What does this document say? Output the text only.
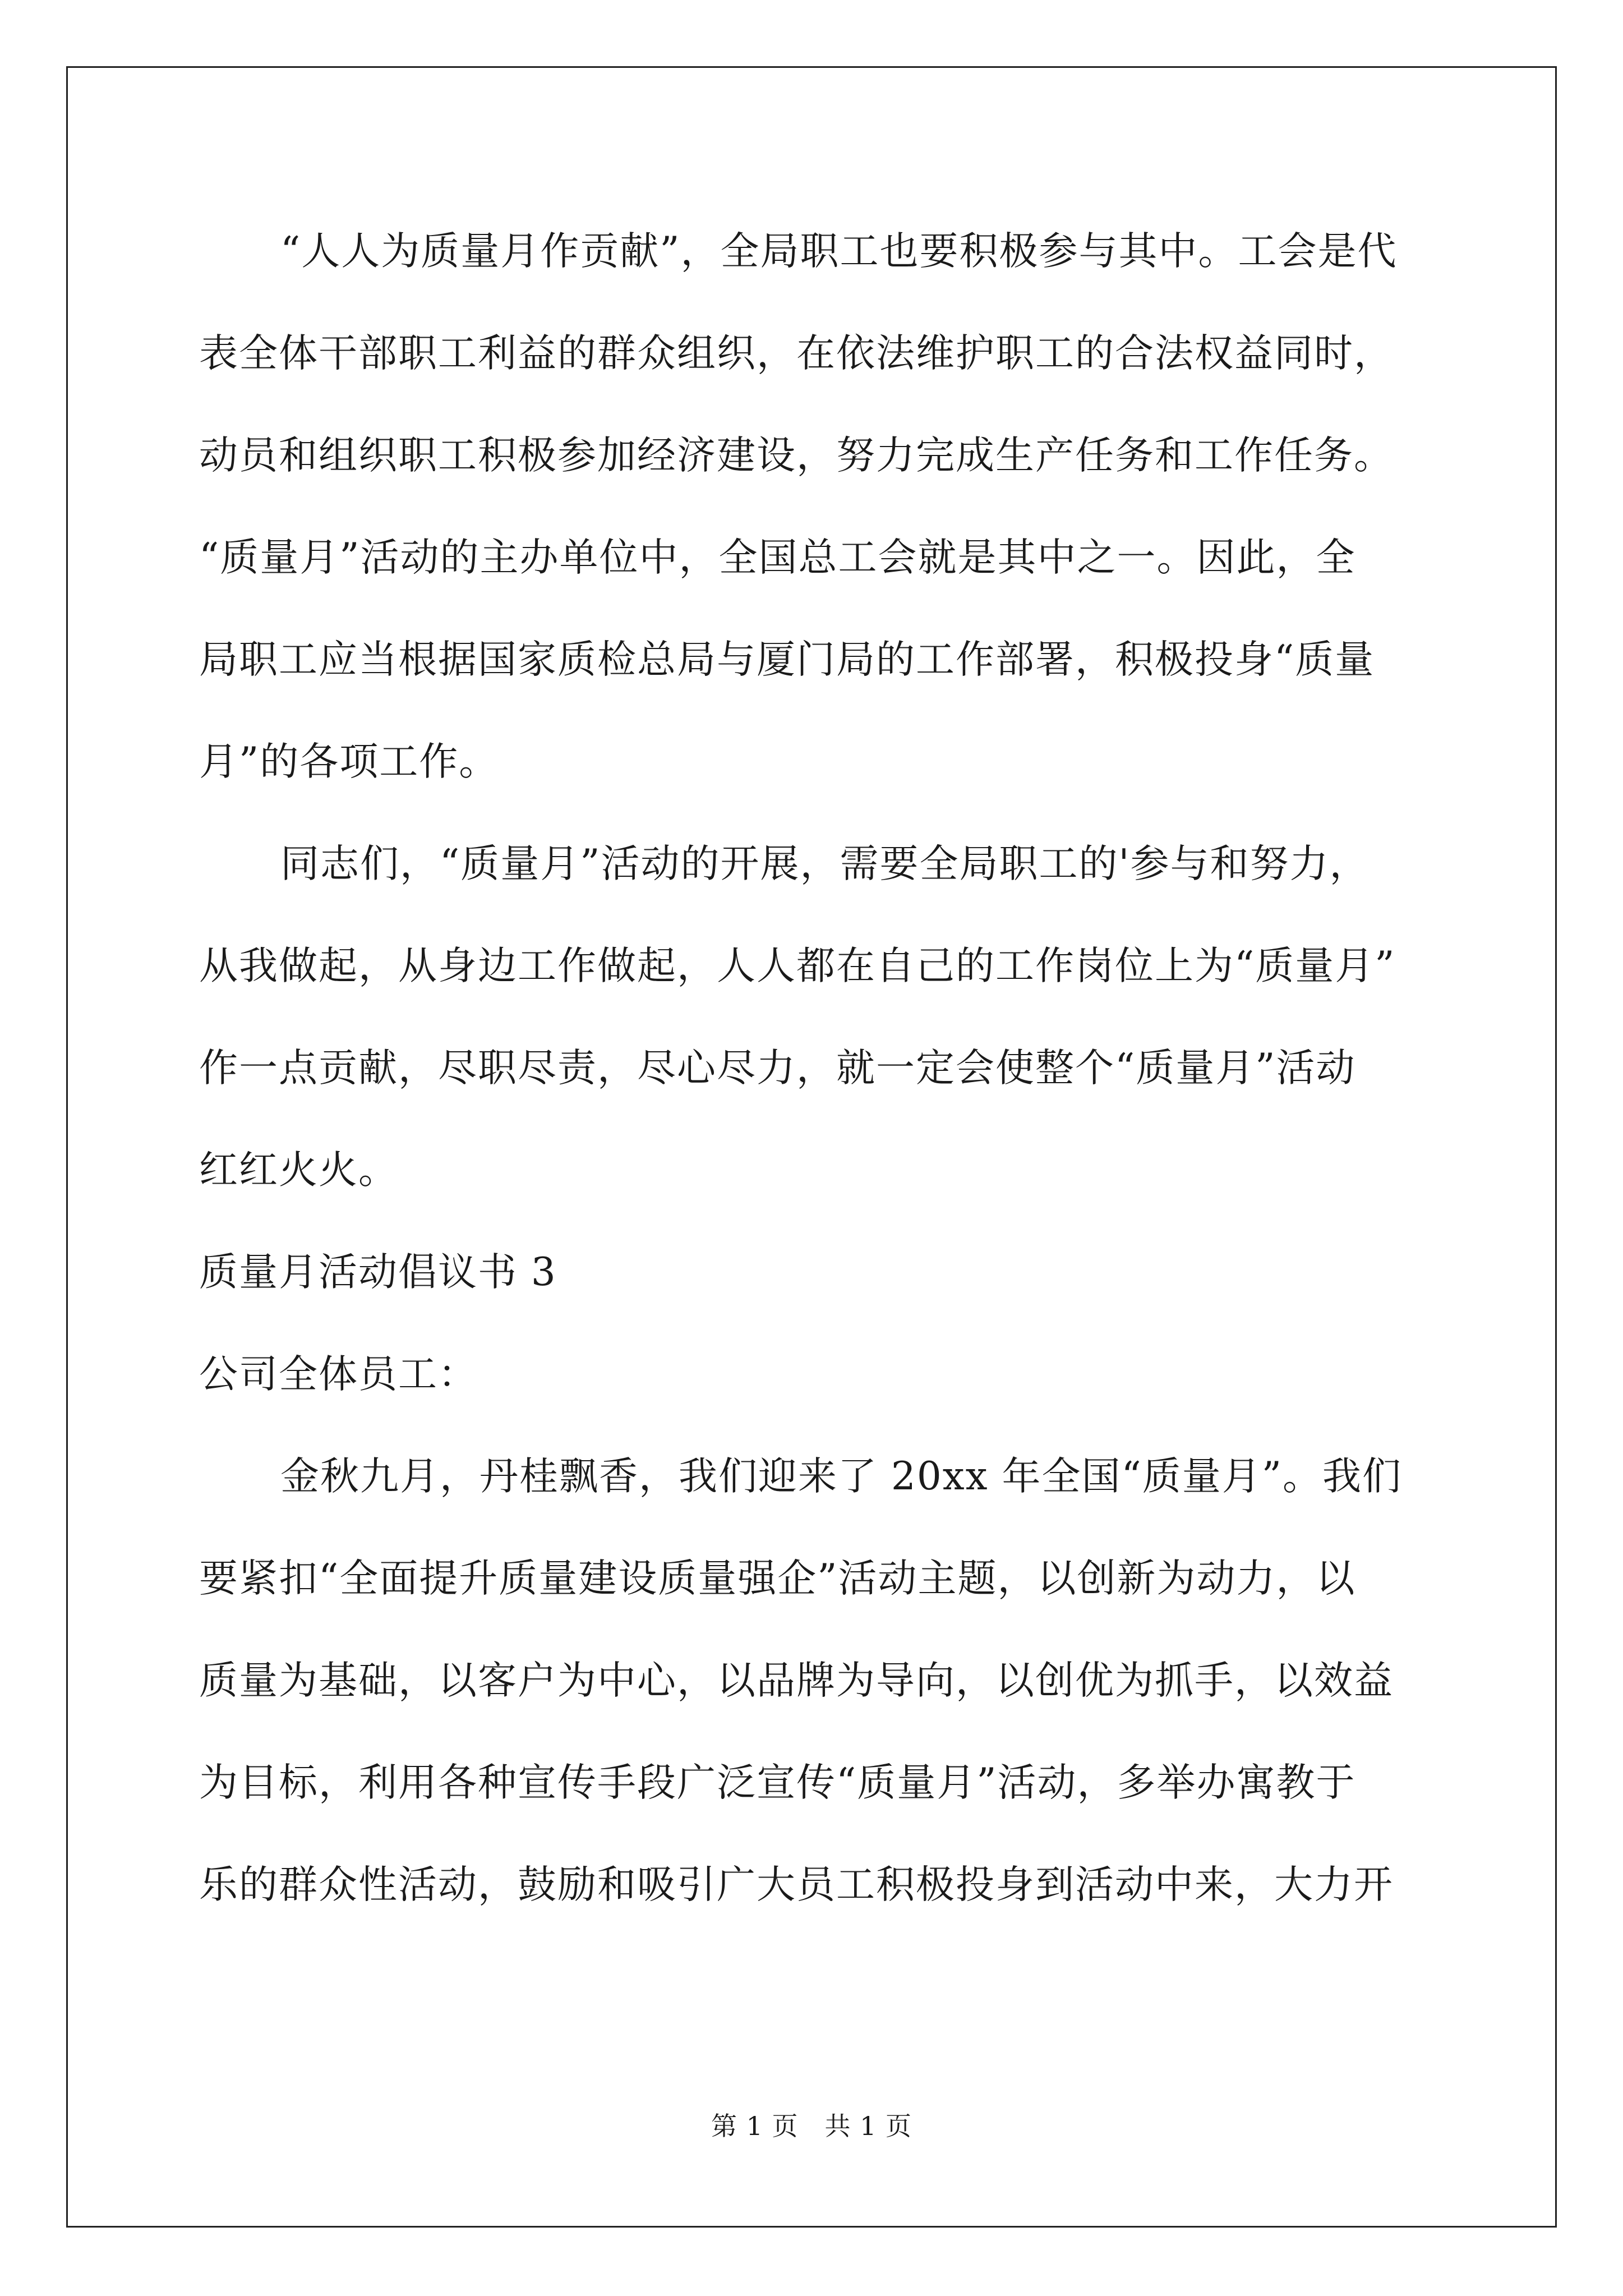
“人人为质量月作贡献”，全局职工也要积极参与其中。工会是代
表全体干部职工利益的群众组织，在依法维护职工的合法权益同时，
动员和组织职工积极参加经济建设，努力完成生产任务和工作任务。
“质量月”活动的主办单位中，全国总工会就是其中之一。因此，全
局职工应当根据国家质检总局与厦门局的工作部署，积极投身“质量
月”的各项工作。
同志们，“质量月”活动的开展，需要全局职工的'参与和努力，
从我做起，从身边工作做起，人人都在自己的工作岗位上为“质量月”
作一点贡献，尽职尽责，尽心尽力，就一定会使整个“质量月”活动
红红火火。
质量月活动倡议书 3
公司全体员工：
金秋九月，丹桂飘香，我们迎来了 20xx 年全国“质量月”。我们
要紧扣“全面提升质量建设质量强企”活动主题，以创新为动力，以
质量为基础，以客户为中心，以品牌为导向，以创优为抓手，以效益
为目标，利用各种宣传手段广泛宣传“质量月”活动，多举办寓教于
乐的群众性活动，鼓励和吸引广大员工积极投身到活动中来，大力开
第 1 页　共 1 页
